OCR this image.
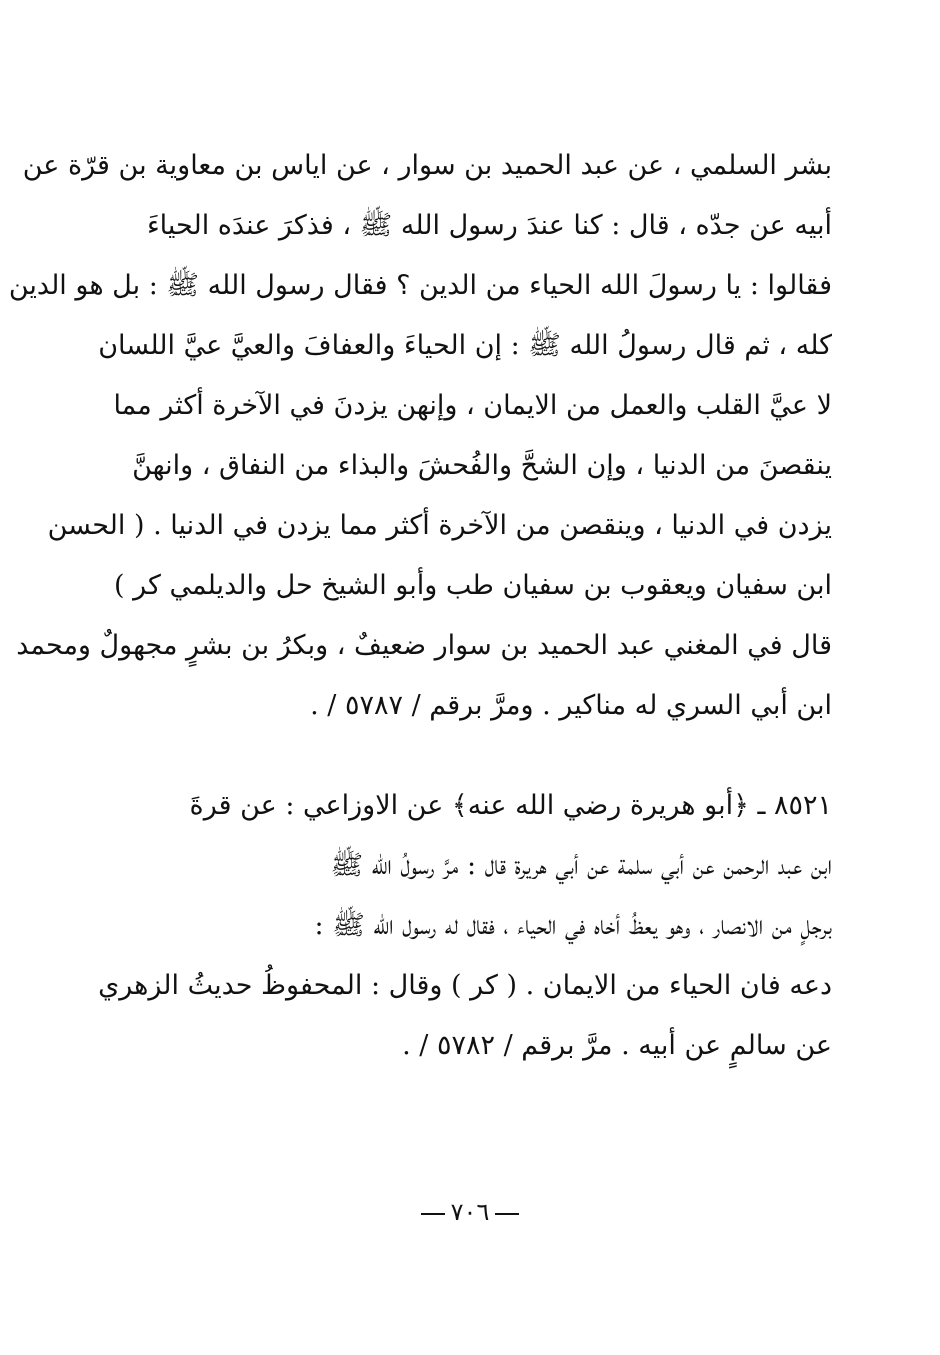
بشر السلمي ، عن عبد الحميد بن سوار ، عن اياس بن معاوية بن قرّة عن
أبيه عن جدّه ، قال : كنا عندَ رسول الله ﷺ ، فذكرَ عندَه الحياءَ
فقالوا : يا رسولَ الله الحياء من الدين ؟ فقال رسول الله ﷺ : بل هو الدين
كله ، ثم قال رسولُ الله ﷺ : إن الحياءَ والعفافَ والعيَّ عيَّ اللسان
لا عيَّ القلب والعمل من الايمان ، وإنهن يزدنَ في الآخرة أكثر مما
ينقصنَ من الدنيا ، وإن الشحَّ والفُحشَ والبذاء من النفاق ، وانهنَّ
يزدن في الدنيا ، وينقصن من الآخرة أكثر مما يزدن في الدنيا . ( الحسن
ابن سفيان ويعقوب بن سفيان طب وأبو الشيخ حل والديلمي كر )
قال في المغني عبد الحميد بن سوار ضعيفٌ ، وبكرُ بن بشرٍ مجهولٌ ومحمد
ابن أبي السري له مناكير . ومرَّ برقم / ٥٧٨٧ / .
٨٥٢١ ـ ﴿أبو هريرة رضي الله عنه﴾ عن الاوزاعي : عن قرةَ
ابن عبد الرحمن عن أبي سلمة عن أبي هريرة قال : مرَّ رسولُ الله ﷺ
برجلٍ من الانصار ، وهو يعظُ أخاه في الحياء ، فقال له رسول الله ﷺ :
دعه فان الحياء من الايمان . ( كر ) وقال : المحفوظُ حديثُ الزهري
عن سالمٍ عن أبيه . مرَّ برقم / ٥٧٨٢ / .
٧٠٦
